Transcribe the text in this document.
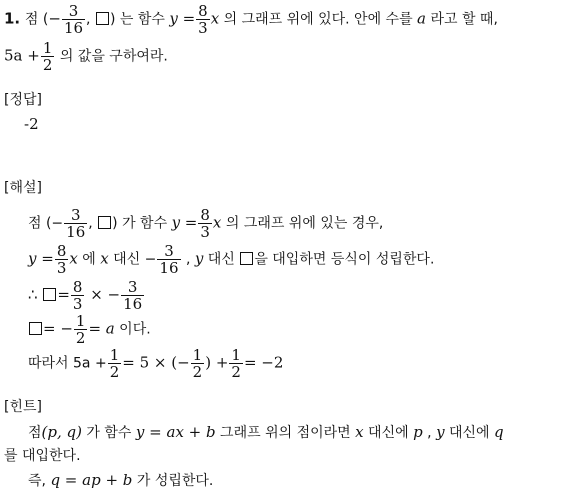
1. 점 (− $\frac{3}{16}$ , ) 는 함수 $y = \frac{8}{3}$ x 의 그래프 위에 있다. 안에 수를 a 라고 할 때,
$5a + \frac{1}{2}$ 의 값을 구하여라.
[정답]
-2
[해설]
점 (− $\frac{3}{16}$ , ) 가 함수 $y = \frac{8}{3}$ x 의 그래프 위에 있는 경우,
$y = \frac{8}{3}$ x 에 x 대신 − $\frac{3}{16}$ , y 대신 을 대입하면 등식이 성립한다.
∴ = $\frac{8}{3}$ × − $\frac{3}{16}$
= − $\frac{1}{2} = a$ 이다.
따라서 $5a + \frac{1}{2} = 5$ × (− $\frac{1}{2}$ ) + $\frac{1}{2} = -2$
[힌트]
점(p, q) 가 함수 y = ax + b 그래프 위의 점이라면 x 대신에 p , y 대신에 q
를 대입한다.
즉, q = ap + b 가 성립한다.
